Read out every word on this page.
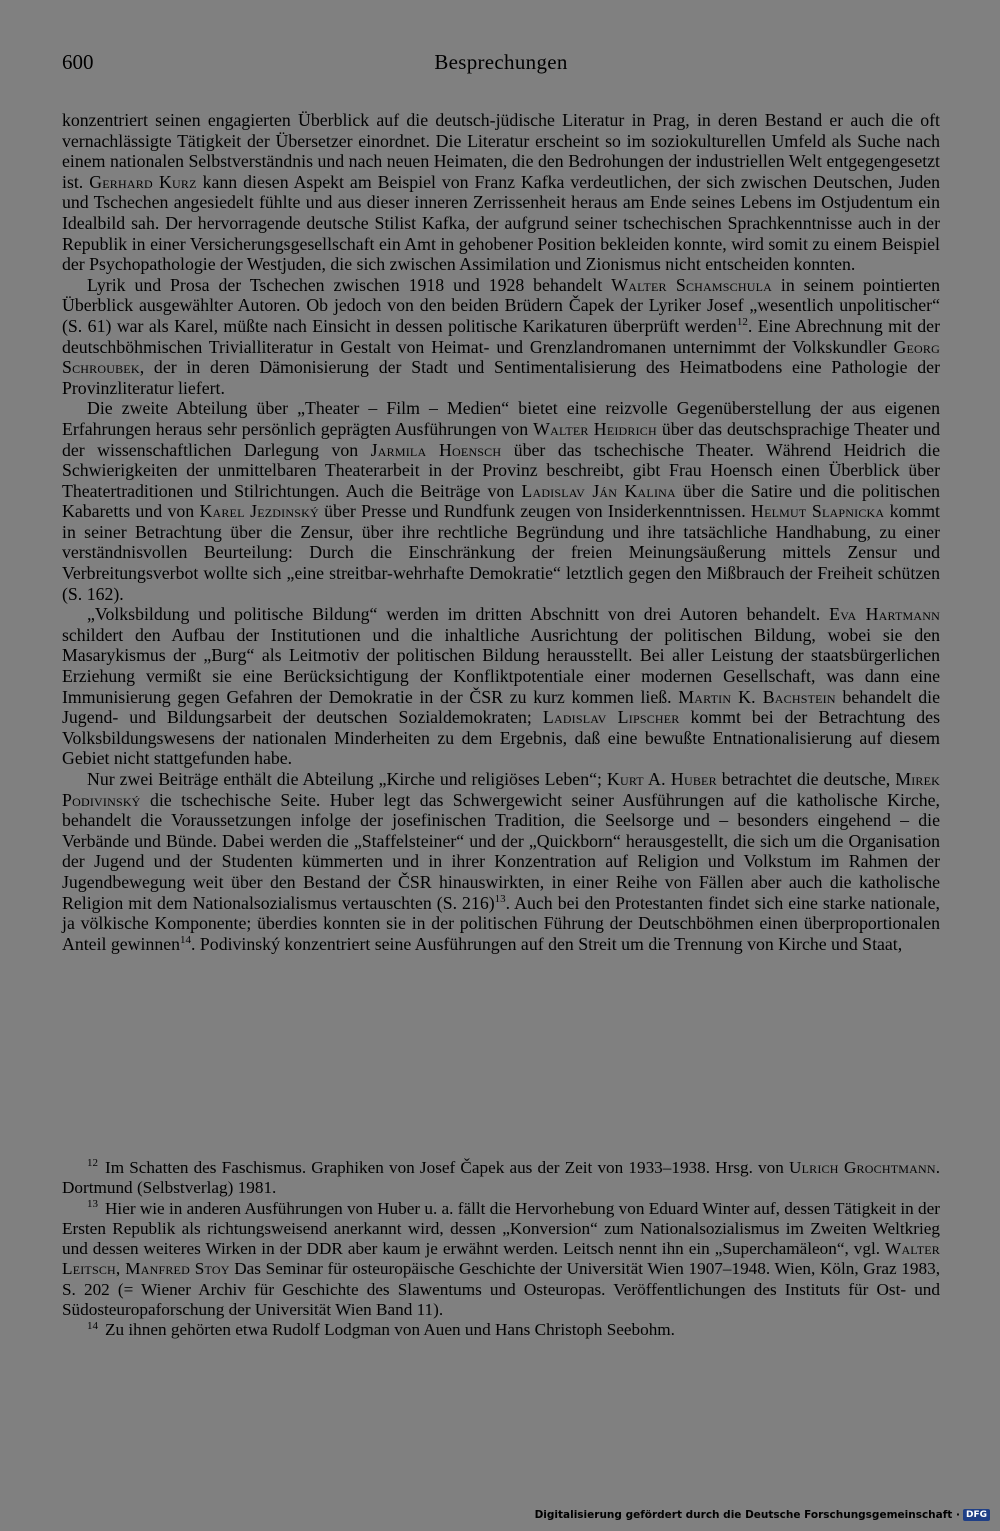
600	Besprechungen

konzentriert seinen engagierten Überblick auf die deutsch-jüdische Literatur in Prag, in deren Bestand er auch die oft vernachlässigte Tätigkeit der Übersetzer einordnet. Die Literatur erscheint so im soziokulturellen Umfeld als Suche nach einem nationalen Selbstverständnis und nach neuen Heimaten, die den Bedrohungen der industriellen Welt entgegengesetzt ist. Gerhard Kurz kann diesen Aspekt am Beispiel von Franz Kafka verdeutlichen, der sich zwischen Deutschen, Juden und Tschechen angesiedelt fühlte und aus dieser inneren Zerrissenheit heraus am Ende seines Lebens im Ostjudentum ein Idealbild sah. Der hervorragende deutsche Stilist Kafka, der aufgrund seiner tschechischen Sprachkenntnisse auch in der Republik in einer Versicherungsgesellschaft ein Amt in gehobener Position bekleiden konnte, wird somit zu einem Beispiel der Psychopathologie der Westjuden, die sich zwischen Assimilation und Zionismus nicht entscheiden konnten.

Lyrik und Prosa der Tschechen zwischen 1918 und 1928 behandelt Walter Schamschula in seinem pointierten Überblick ausgewählter Autoren. Ob jedoch von den beiden Brüdern Čapek der Lyriker Josef „wesentlich unpolitischer“ (S. 61) war als Karel, müßte nach Einsicht in dessen politische Karikaturen überprüft werden$^{12}$. Eine Abrechnung mit der deutschböhmischen Trivialliteratur in Gestalt von Heimat- und Grenzlandromanen unternimmt der Volkskundler Georg Schroubek, der in deren Dämonisierung der Stadt und Sentimentalisierung des Heimatbodens eine Pathologie der Provinzliteratur liefert.

Die zweite Abteilung über „Theater – Film – Medien“ bietet eine reizvolle Gegenüberstellung der aus eigenen Erfahrungen heraus sehr persönlich geprägten Ausführungen von Walter Heidrich über das deutschsprachige Theater und der wissenschaftlichen Darlegung von Jarmila Hoensch über das tschechische Theater. Während Heidrich die Schwierigkeiten der unmittelbaren Theaterarbeit in der Provinz beschreibt, gibt Frau Hoensch einen Überblick über Theatertraditionen und Stilrichtungen. Auch die Beiträge von Ladislav Ján Kalina über die Satire und die politischen Kabaretts und von Karel Jezdinský über Presse und Rundfunk zeugen von Insiderkenntnissen. Helmut Slapnicka kommt in seiner Betrachtung über die Zensur, über ihre rechtliche Begründung und ihre tatsächliche Handhabung, zu einer verständnisvollen Beurteilung: Durch die Einschränkung der freien Meinungsäußerung mittels Zensur und Verbreitungsverbot wollte sich „eine streitbar-wehrhafte Demokratie“ letztlich gegen den Mißbrauch der Freiheit schützen (S. 162).

„Volksbildung und politische Bildung“ werden im dritten Abschnitt von drei Autoren behandelt. Eva Hartmann schildert den Aufbau der Institutionen und die inhaltliche Ausrichtung der politischen Bildung, wobei sie den Masarykismus der „Burg“ als Leitmotiv der politischen Bildung herausstellt. Bei aller Leistung der staatsbürgerlichen Erziehung vermißt sie eine Berücksichtigung der Konfliktpotentiale einer modernen Gesellschaft, was dann eine Immunisierung gegen Gefahren der Demokratie in der ČSR zu kurz kommen ließ. Martin K. Bachstein behandelt die Jugend- und Bildungsarbeit der deutschen Sozialdemokraten; Ladislav Lipscher kommt bei der Betrachtung des Volksbildungswesens der nationalen Minderheiten zu dem Ergebnis, daß eine bewußte Entnationalisierung auf diesem Gebiet nicht stattgefunden habe.

Nur zwei Beiträge enthält die Abteilung „Kirche und religiöses Leben“; Kurt A. Huber betrachtet die deutsche, Mirek Podivinský die tschechische Seite. Huber legt das Schwergewicht seiner Ausführungen auf die katholische Kirche, behandelt die Voraussetzungen infolge der josefinischen Tradition, die Seelsorge und – besonders eingehend – die Verbände und Bünde. Dabei werden die „Staffelsteiner“ und der „Quickborn“ herausgestellt, die sich um die Organisation der Jugend und der Studenten kümmerten und in ihrer Konzentration auf Religion und Volkstum im Rahmen der Jugendbewegung weit über den Bestand der ČSR hinauswirkten, in einer Reihe von Fällen aber auch die katholische Religion mit dem Nationalsozialismus vertauschten (S. 216)$^{13}$. Auch bei den Protestanten findet sich eine starke nationale, ja völkische Komponente; überdies konnten sie in der politischen Führung der Deutschböhmen einen überproportionalen Anteil gewinnen$^{14}$. Podivinský konzentriert seine Ausführungen auf den Streit um die Trennung von Kirche und Staat,

$^{12}$ Im Schatten des Faschismus. Graphiken von Josef Čapek aus der Zeit von 1933–1938. Hrsg. von Ulrich Grochtmann. Dortmund (Selbstverlag) 1981.

$^{13}$ Hier wie in anderen Ausführungen von Huber u. a. fällt die Hervorhebung von Eduard Winter auf, dessen Tätigkeit in der Ersten Republik als richtungsweisend anerkannt wird, dessen „Konversion“ zum Nationalsozialismus im Zweiten Weltkrieg und dessen weiteres Wirken in der DDR aber kaum je erwähnt werden. Leitsch nennt ihn ein „Superchamäleon“, vgl. Walter Leitsch, Manfred Stoy Das Seminar für osteuropäische Geschichte der Universität Wien 1907–1948. Wien, Köln, Graz 1983, S. 202 (= Wiener Archiv für Geschichte des Slawentums und Osteuropas. Veröffentlichungen des Instituts für Ost- und Südosteuropaforschung der Universität Wien Band 11).

$^{14}$ Zu ihnen gehörten etwa Rudolf Lodgman von Auen und Hans Christoph Seebohm.

Digitalisierung gefördert durch die Deutsche Forschungsgemeinschaft · DFG
